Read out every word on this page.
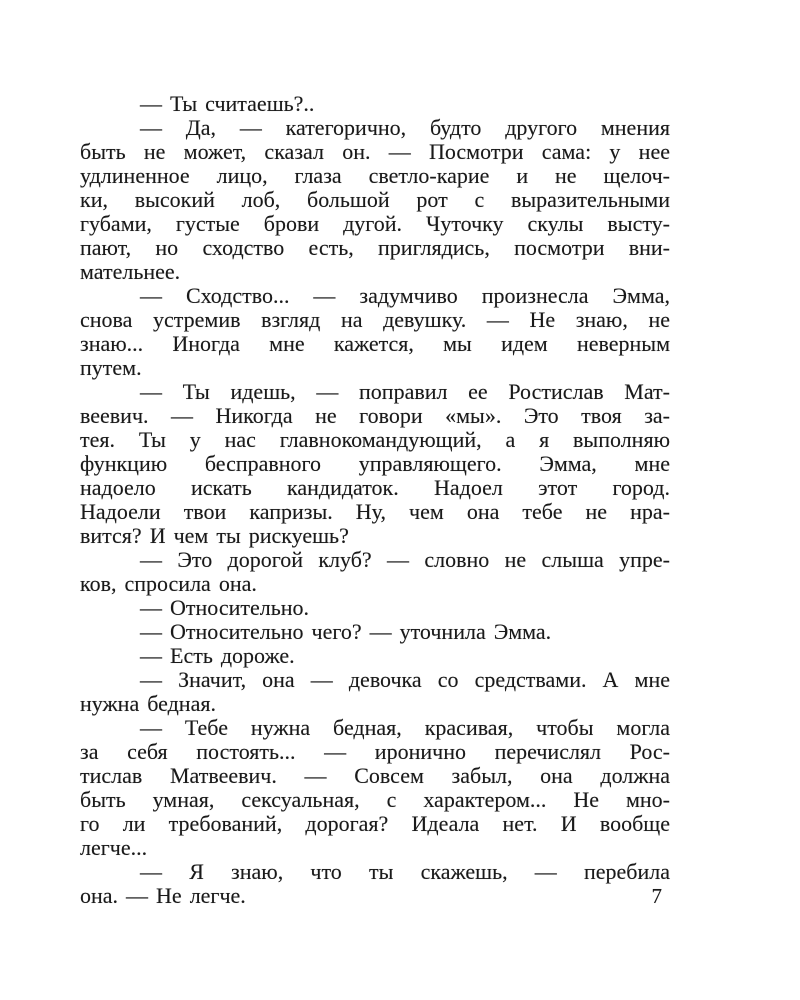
— Ты считаешь?..
— Да, — категорично, будто другого мнения
быть не может, сказал он. — Посмотри сама: у нее
удлиненное лицо, глаза светло-карие и не щелоч-
ки, высокий лоб, большой рот с выразительными
губами, густые брови дугой. Чуточку скулы высту-
пают, но сходство есть, приглядись, посмотри вни-
мательнее.
— Сходство... — задумчиво произнесла Эмма,
снова устремив взгляд на девушку. — Не знаю, не
знаю... Иногда мне кажется, мы идем неверным
путем.
— Ты идешь, — поправил ее Ростислав Мат-
веевич. — Никогда не говори «мы». Это твоя за-
тея. Ты у нас главнокомандующий, а я выполняю
функцию бесправного управляющего. Эмма, мне
надоело искать кандидаток. Надоел этот город.
Надоели твои капризы. Ну, чем она тебе не нра-
вится? И чем ты рискуешь?
— Это дорогой клуб? — словно не слыша упре-
ков, спросила она.
— Относительно.
— Относительно чего? — уточнила Эмма.
— Есть дороже.
— Значит, она — девочка со средствами. А мне
нужна бедная.
— Тебе нужна бедная, красивая, чтобы могла
за себя постоять... — иронично перечислял Рос-
тислав Матвеевич. — Совсем забыл, она должна
быть умная, сексуальная, с характером... Не мно-
го ли требований, дорогая? Идеала нет. И вообще
легче...
— Я знаю, что ты скажешь, — перебила
она. — Не легче.	7
